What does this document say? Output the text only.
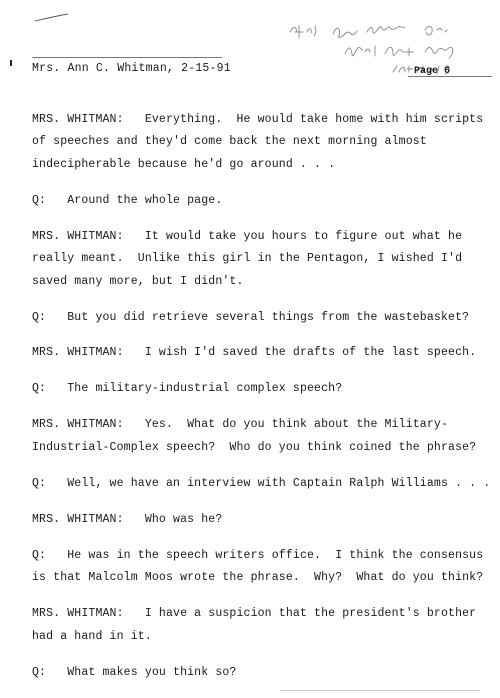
Mrs. Ann C. Whitman, 2-15-91	Page 6
MRS. WHITMAN:   Everything.  He would take home with him scripts
of speeches and they'd come back the next morning almost
indecipherable because he'd go around . . .
Q:   Around the whole page.
MRS. WHITMAN:   It would take you hours to figure out what he
really meant.  Unlike this girl in the Pentagon, I wished I'd
saved many more, but I didn't.
Q:   But you did retrieve several things from the wastebasket?
MRS. WHITMAN:   I wish I'd saved the drafts of the last speech.
Q:   The military-industrial complex speech?
MRS. WHITMAN:   Yes.  What do you think about the Military-
Industrial-Complex speech?  Who do you think coined the phrase?
Q:   Well, we have an interview with Captain Ralph Williams . . .
MRS. WHITMAN:   Who was he?
Q:   He was in the speech writers office.  I think the consensus
is that Malcolm Moos wrote the phrase.  Why?  What do you think?
MRS. WHITMAN:   I have a suspicion that the president's brother
had a hand in it.
Q:   What makes you think so?
